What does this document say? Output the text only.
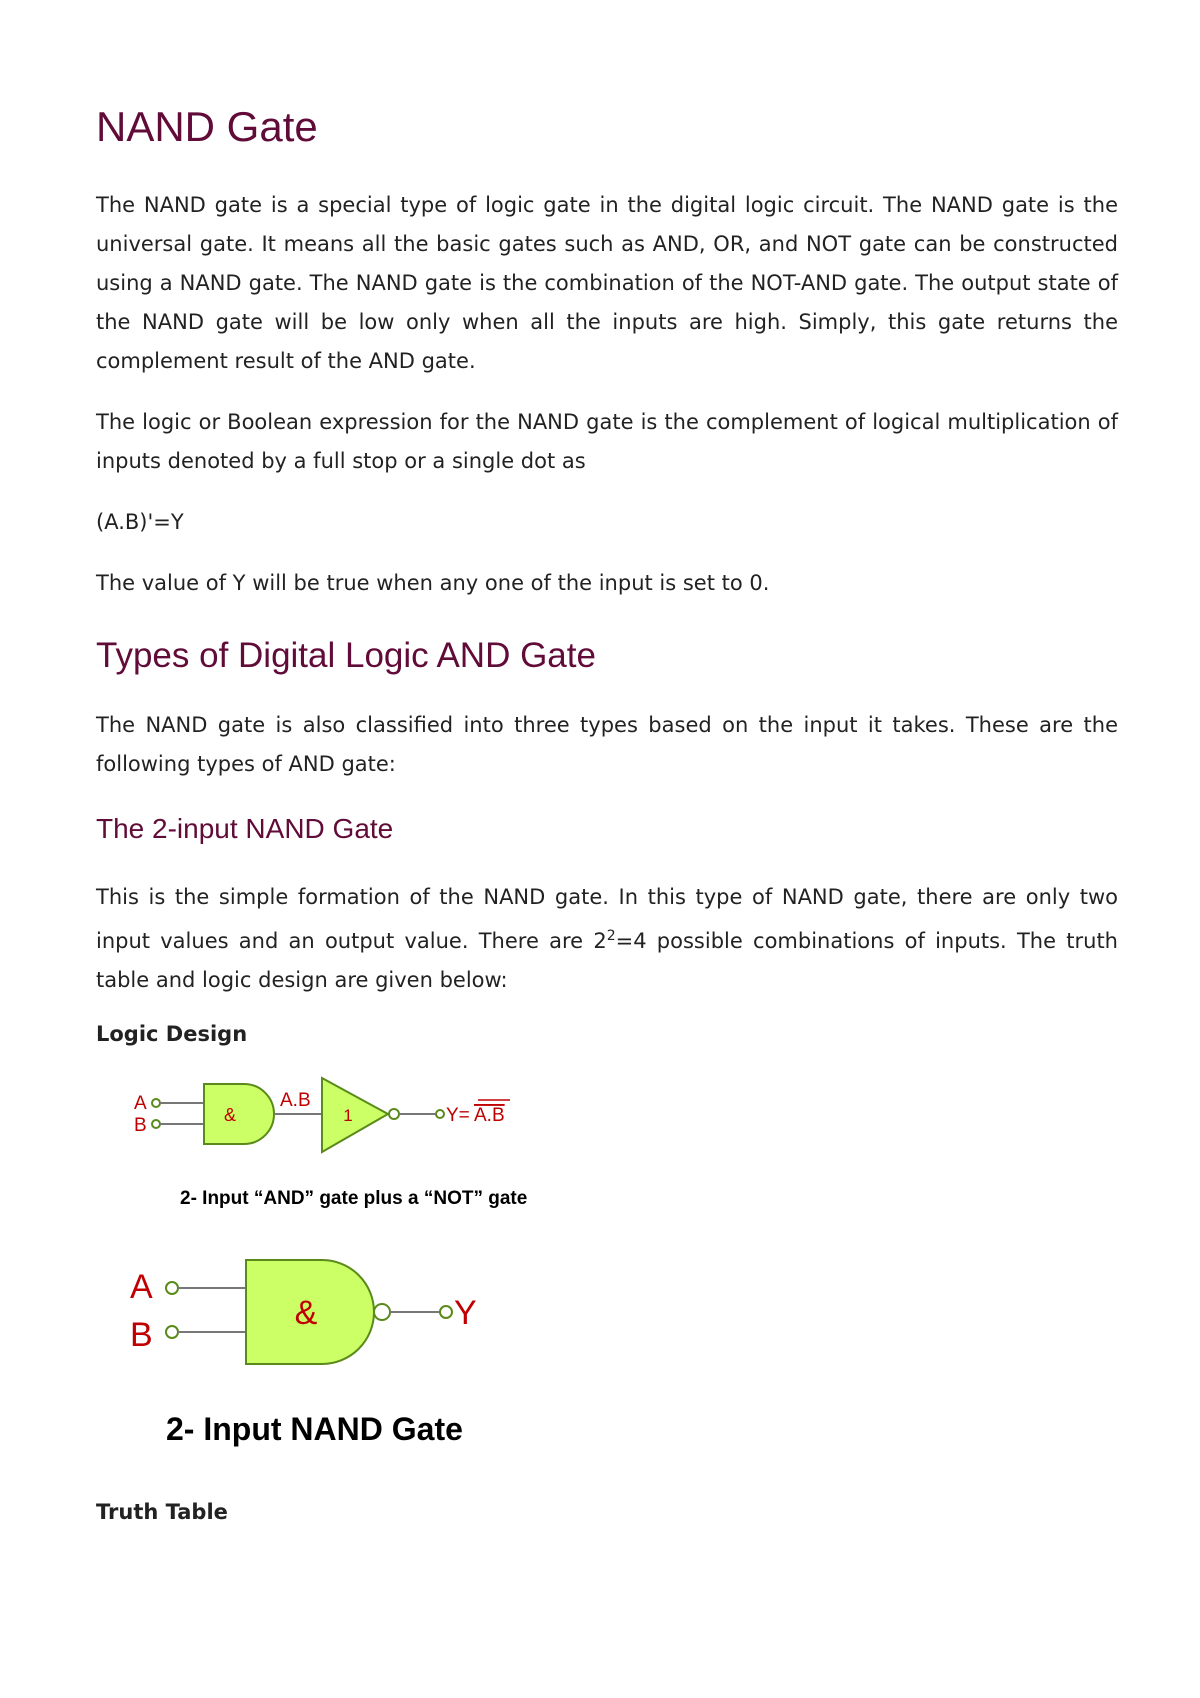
NAND Gate

The NAND gate is a special type of logic gate in the digital logic circuit. The NAND gate is the universal gate. It means all the basic gates such as AND, OR, and NOT gate can be constructed using a NAND gate. The NAND gate is the combination of the NOT-AND gate. The output state of the NAND gate will be low only when all the inputs are high. Simply, this gate returns the complement result of the AND gate.

The logic or Boolean expression for the NAND gate is the complement of logical multiplication of inputs denoted by a full stop or a single dot as

(A.B)'=Y

The value of Y will be true when any one of the input is set to 0.

Types of Digital Logic AND Gate

The NAND gate is also classified into three types based on the input it takes. These are the following types of AND gate:

The 2-input NAND Gate

This is the simple formation of the NAND gate. In this type of NAND gate, there are only two input values and an output value. There are $2^2=4$ possible combinations of inputs. The truth table and logic design are given below:

Logic Design
A
B	&
A.B
1	Y= A.B
2- Input “AND” gate plus a “NOT” gate
A
B
&	Y
2- Input NAND Gate
Truth Table
